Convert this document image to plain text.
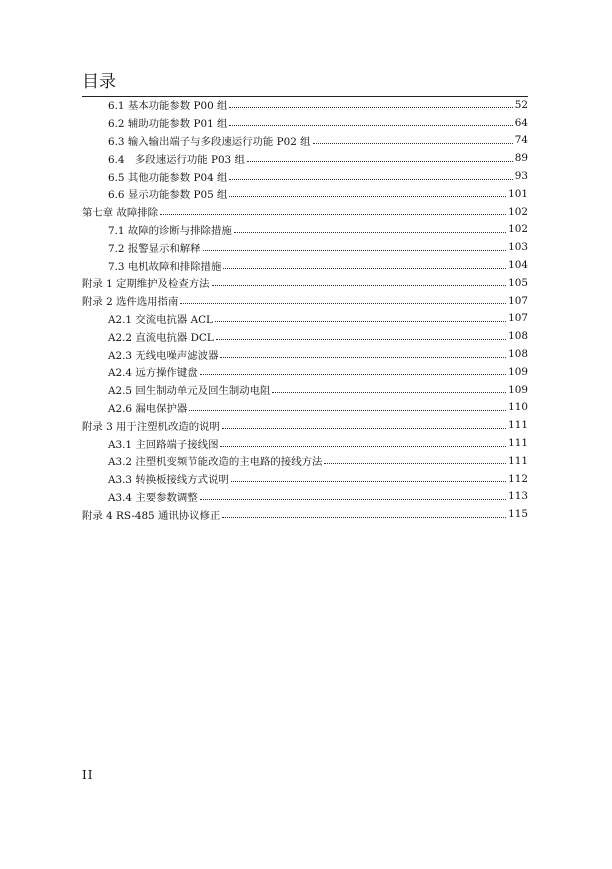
目录
6.1 基本功能参数 P00 组	52
6.2 辅助功能参数 P01 组	64
6.3 输入输出端子与多段速运行功能 P02 组	74
6.4　多段速运行功能 P03 组	89
6.5 其他功能参数 P04 组	93
6.6 显示功能参数 P05 组	101
第七章 故障排除	102
7.1 故障的诊断与排除措施	102
7.2 报警显示和解释	103
7.3 电机故障和排除措施	104
附录 1 定期维护及检查方法	105
附录 2 选件选用指南	107
A2.1 交流电抗器 ACL	107
A2.2 直流电抗器 DCL	108
A2.3 无线电噪声滤波器	108
A2.4 远方操作键盘	109
A2.5 回生制动单元及回生制动电阻	109
A2.6 漏电保护器	110
附录 3 用于注塑机改造的说明	111
A3.1 主回路端子接线图	111
A3.2 注塑机变频节能改造的主电路的接线方法	111
A3.3 转换板接线方式说明	112
A3.4 主要参数调整	113
附录 4 RS-485 通讯协议修正	115
II
